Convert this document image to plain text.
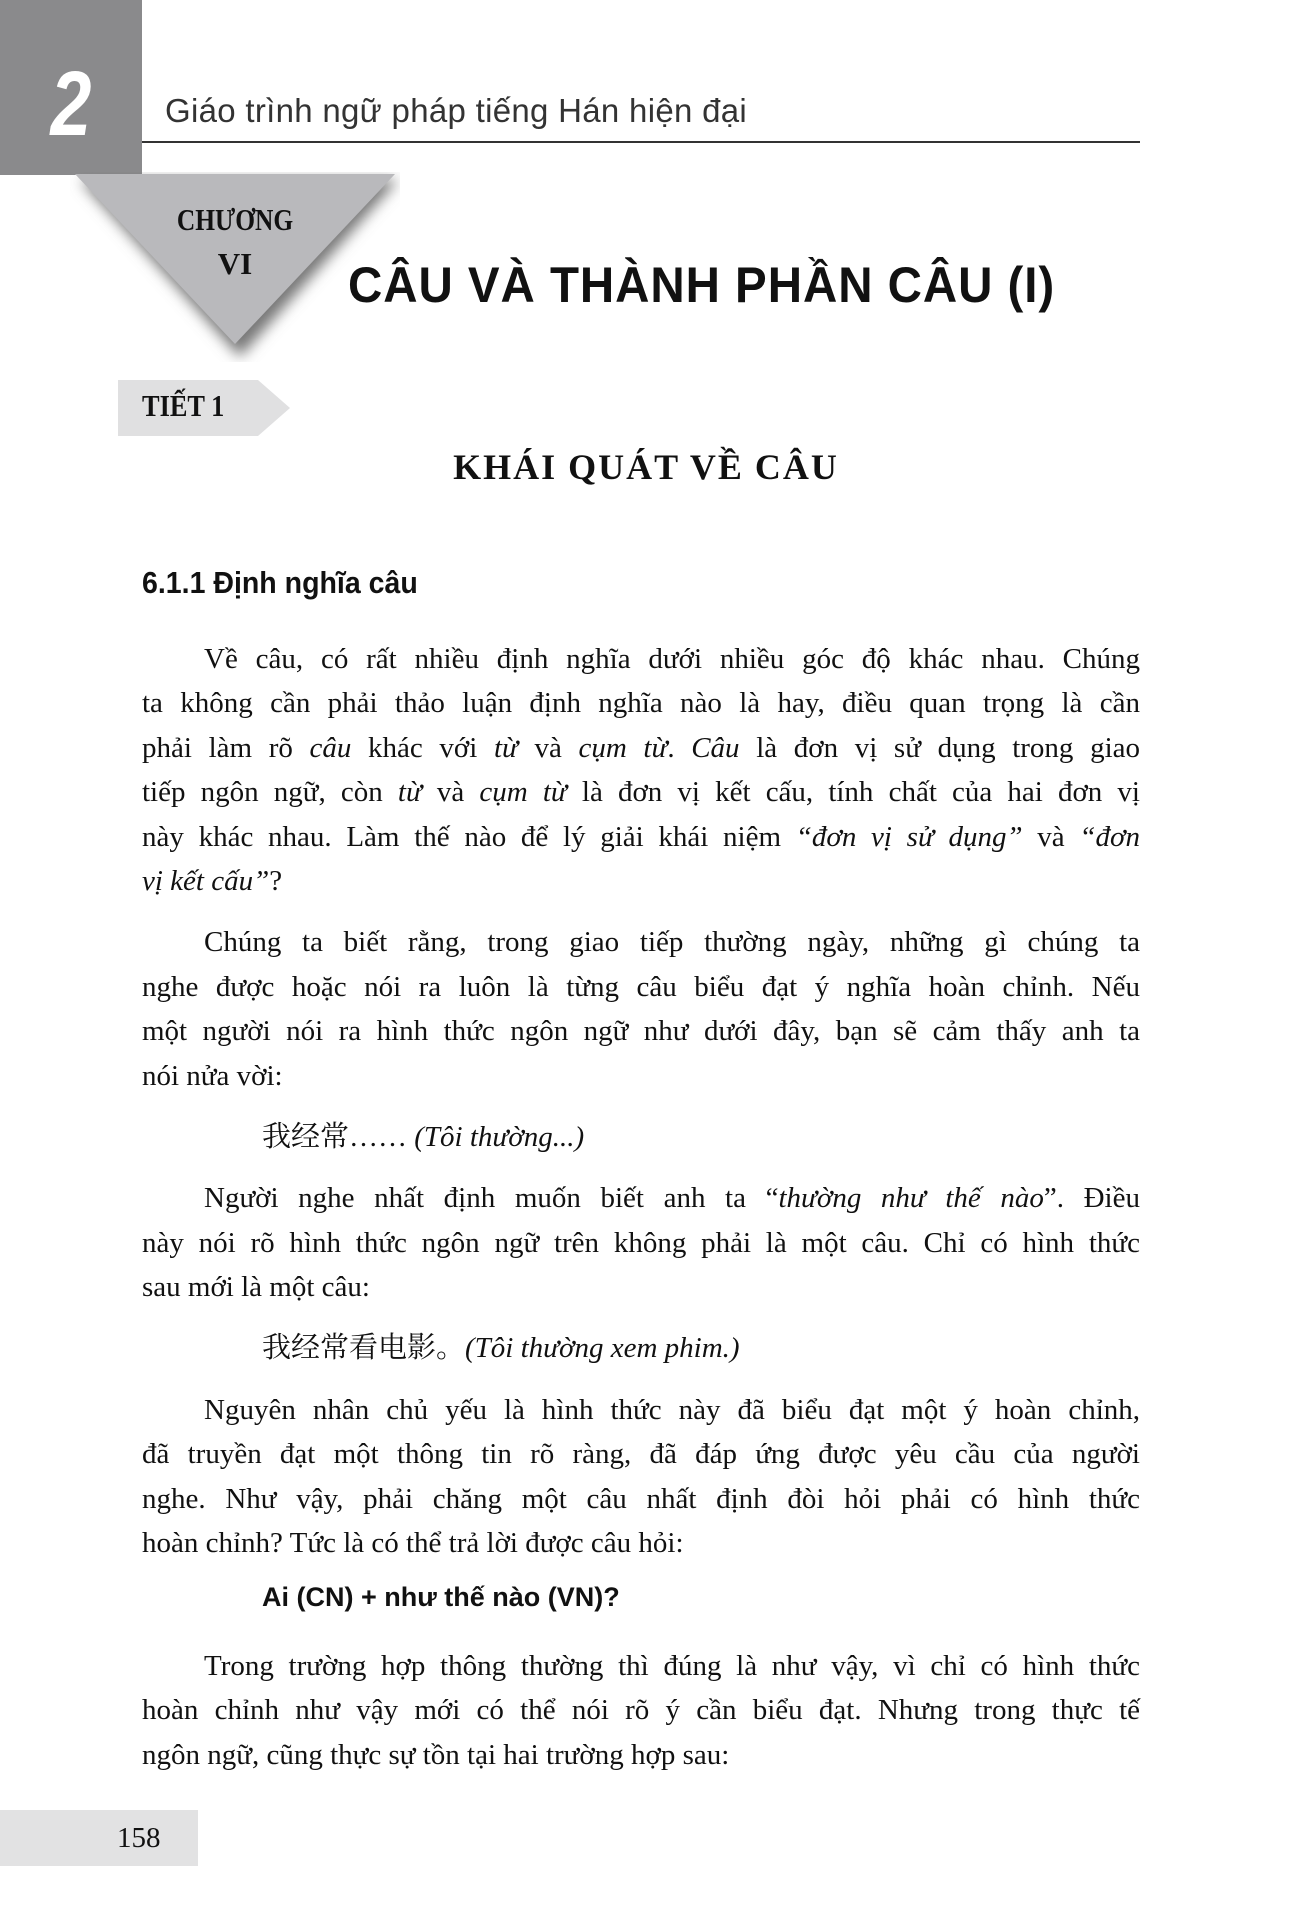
2	Giáo trình ngữ pháp tiếng Hán hiện đại
CHƯƠNG
VI	CÂU VÀ THÀNH PHẦN CÂU (I)
TIẾT 1
KHÁI QUÁT VỀ CÂU
6.1.1 Định nghĩa câu
Về câu, có rất nhiều định nghĩa dưới nhiều góc độ khác nhau. Chúng
ta không cần phải thảo luận định nghĩa nào là hay, điều quan trọng là cần
phải làm rõ câu khác với từ và cụm từ. Câu là đơn vị sử dụng trong giao
tiếp ngôn ngữ, còn từ và cụm từ là đơn vị kết cấu, tính chất của hai đơn vị
này khác nhau. Làm thế nào để lý giải khái niệm “đơn vị sử dụng” và “đơn
vị kết cấu”?
Chúng ta biết rằng, trong giao tiếp thường ngày, những gì chúng ta
nghe được hoặc nói ra luôn là từng câu biểu đạt ý nghĩa hoàn chỉnh. Nếu
một người nói ra hình thức ngôn ngữ như dưới đây, bạn sẽ cảm thấy anh ta
nói nửa vời:
我经常…… (Tôi thường...)
Người nghe nhất định muốn biết anh ta “thường như thế nào”. Điều
này nói rõ hình thức ngôn ngữ trên không phải là một câu. Chỉ có hình thức
sau mới là một câu:
我经常看电影。(Tôi thường xem phim.)
Nguyên nhân chủ yếu là hình thức này đã biểu đạt một ý hoàn chỉnh,
đã truyền đạt một thông tin rõ ràng, đã đáp ứng được yêu cầu của người
nghe. Như vậy, phải chăng một câu nhất định đòi hỏi phải có hình thức
hoàn chỉnh? Tức là có thể trả lời được câu hỏi:
Ai (CN) + như thế nào (VN)?
Trong trường hợp thông thường thì đúng là như vậy, vì chỉ có hình thức
hoàn chỉnh như vậy mới có thể nói rõ ý cần biểu đạt. Nhưng trong thực tế
ngôn ngữ, cũng thực sự tồn tại hai trường hợp sau:
158
